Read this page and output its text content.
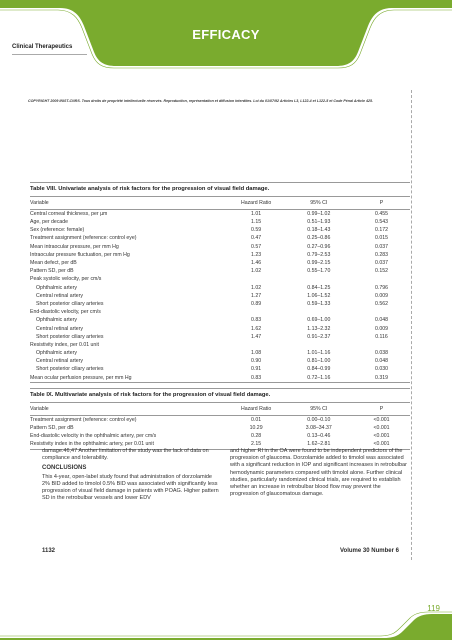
EFFICACY
COPYRIGHT 2009 INIST-CNRS. Tous droits de propriété intellectuelle réservés. Reproduction, représentation et diffusion interdites. Loi du 01/07/92 Articles L3, L122-4 et L122-5 et Code Pénal Article 425.
Clinical Therapeutics
Table VIII. Univariate analysis of risk factors for the progression of visual field damage.
Variable	Hazard Ratio	95% CI	P
Central corneal thickness, per µm	1.01	0.99–1.02	0.455
Age, per decade	1.15	0.51–1.93	0.543
Sex (reference: female)	0.59	0.18–1.43	0.172
Treatment assignment (reference: control eye)	0.47	0.25–0.86	0.015
Mean intraocular pressure, per mm Hg	0.57	0.27–0.96	0.037
Intraocular pressure fluctuation, per mm Hg	1.23	0.79–2.53	0.283
Mean defect, per dB	1.46	0.99–2.15	0.037
Pattern SD, per dB	1.02	0.55–1.70	0.152
Peak systolic velocity, per cm/s			
Ophthalmic artery	1.02	0.84–1.25	0.796
Central retinal artery	1.27	1.06–1.52	0.009
Short posterior ciliary arteries	0.89	0.59–1.33	0.562
End-diastolic velocity, per cm/s			
Ophthalmic artery	0.83	0.69–1.00	0.048
Central retinal artery	1.62	1.13–2.32	0.009
Short posterior ciliary arteries	1.47	0.91–2.37	0.116
Resistivity index, per 0.01 unit			
Ophthalmic artery	1.08	1.01–1.16	0.038
Central retinal artery	0.90	0.81–1.00	0.048
Short posterior ciliary arteries	0.91	0.84–0.99	0.030
Mean ocular perfusion pressure, per mm Hg	0.83	0.72–1.16	0.319
Table IX. Multivariate analysis of risk factors for the progression of visual field damage.
Variable	Hazard Ratio	95% CI	P
Treatment assignment (reference: control eye)	0.01	0.00–0.10	<0.001
Pattern SD, per dB	10.29	3.08–34.37	<0.001
End-diastolic velocity in the ophthalmic artery, per cm/s	0.28	0.13–0.46	<0.001
Resistivity index in the ophthalmic artery, per 0.01 unit	2.15	1.62–2.81	<0.001
damage.46,47 Another limitation of the study was the lack of data on compliance and tolerability.
CONCLUSIONS
This 4-year, open-label study found that administration of dorzolamide 2% BID added to timolol 0.5% BID was associated with significantly less progression of visual field damage in patients with POAG. Higher pattern SD in the retrobulbar vessels and lower EDV
and higher RI in the OA were found to be independent predictors of the progression of glaucoma. Dorzolamide added to timolol was associated with a significant reduction in IOP and significant increases in retrobulbar hemodynamic parameters compared with timolol alone. Further clinical studies, particularly randomized clinical trials, are required to establish whether an increase in retrobulbar blood flow may prevent the progression of glaucomatous damage.
1132	Volume 30 Number 6
119
